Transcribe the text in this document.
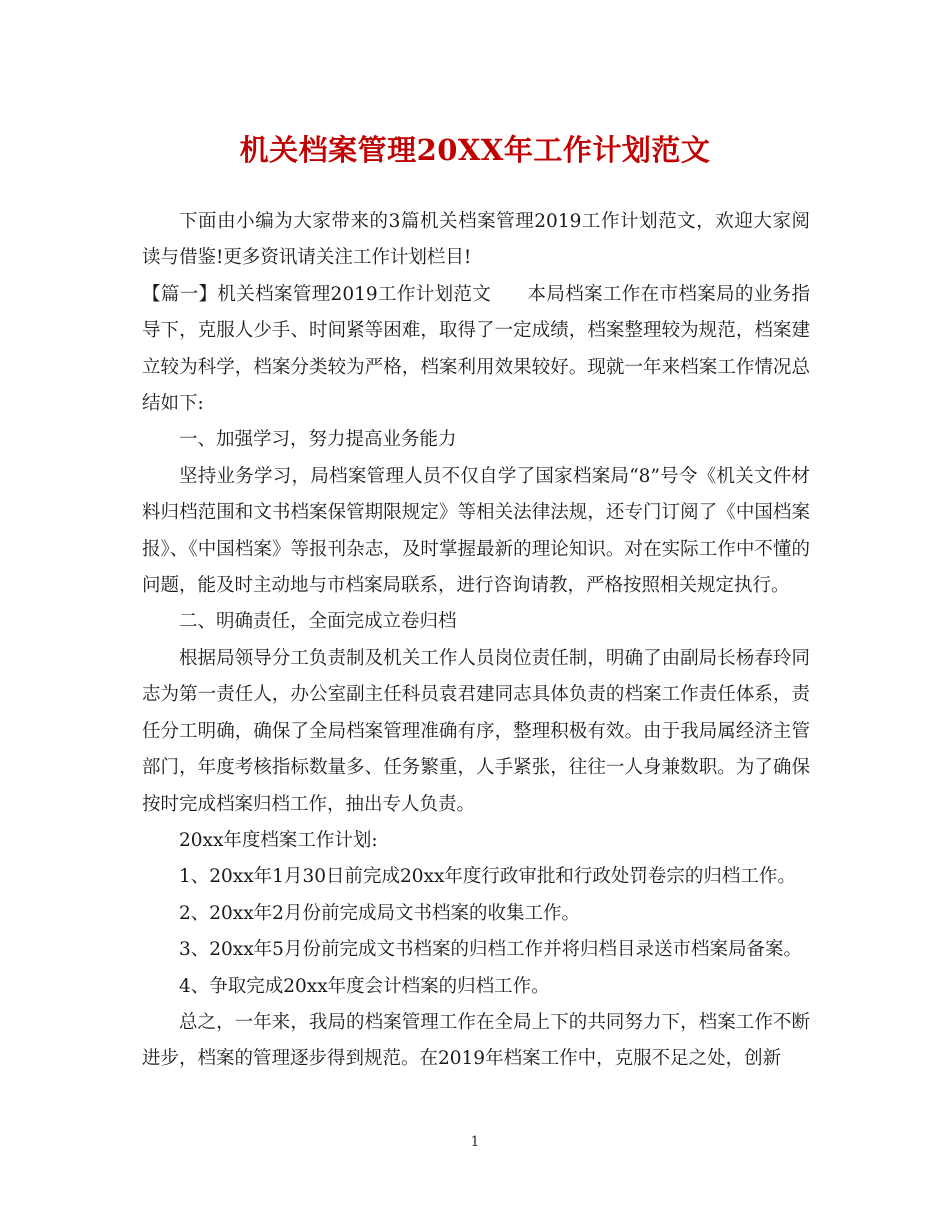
机关档案管理20XX年工作计划范文

下面由小编为大家带来的3篇机关档案管理2019工作计划范文，欢迎大家阅读与借鉴!更多资讯请关注工作计划栏目!

【篇一】机关档案管理2019工作计划范文 本局档案工作在市档案局的业务指导下，克服人少手、时间紧等困难，取得了一定成绩，档案整理较为规范，档案建立较为科学，档案分类较为严格，档案利用效果较好。现就一年来档案工作情况总结如下:

一、加强学习，努力提高业务能力

坚持业务学习，局档案管理人员不仅自学了国家档案局“8”号令《机关文件材料归档范围和文书档案保管期限规定》等相关法律法规，还专门订阅了《中国档案报》、《中国档案》等报刊杂志，及时掌握最新的理论知识。对在实际工作中不懂的问题，能及时主动地与市档案局联系，进行咨询请教，严格按照相关规定执行。

二、明确责任，全面完成立卷归档

根据局领导分工负责制及机关工作人员岗位责任制，明确了由副局长杨春玲同志为第一责任人，办公室副主任科员袁君建同志具体负责的档案工作责任体系，责任分工明确，确保了全局档案管理准确有序，整理积极有效。由于我局属经济主管部门，年度考核指标数量多、任务繁重，人手紧张，往往一人身兼数职。为了确保按时完成档案归档工作，抽出专人负责。

20xx年度档案工作计划:

1、20xx年1月30日前完成20xx年度行政审批和行政处罚卷宗的归档工作。

2、20xx年2月份前完成局文书档案的收集工作。

3、20xx年5月份前完成文书档案的归档工作并将归档目录送市档案局备案。

4、争取完成20xx年度会计档案的归档工作。

总之，一年来，我局的档案管理工作在全局上下的共同努力下，档案工作不断进步，档案的管理逐步得到规范。在2019年档案工作中，克服不足之处，创新

1
